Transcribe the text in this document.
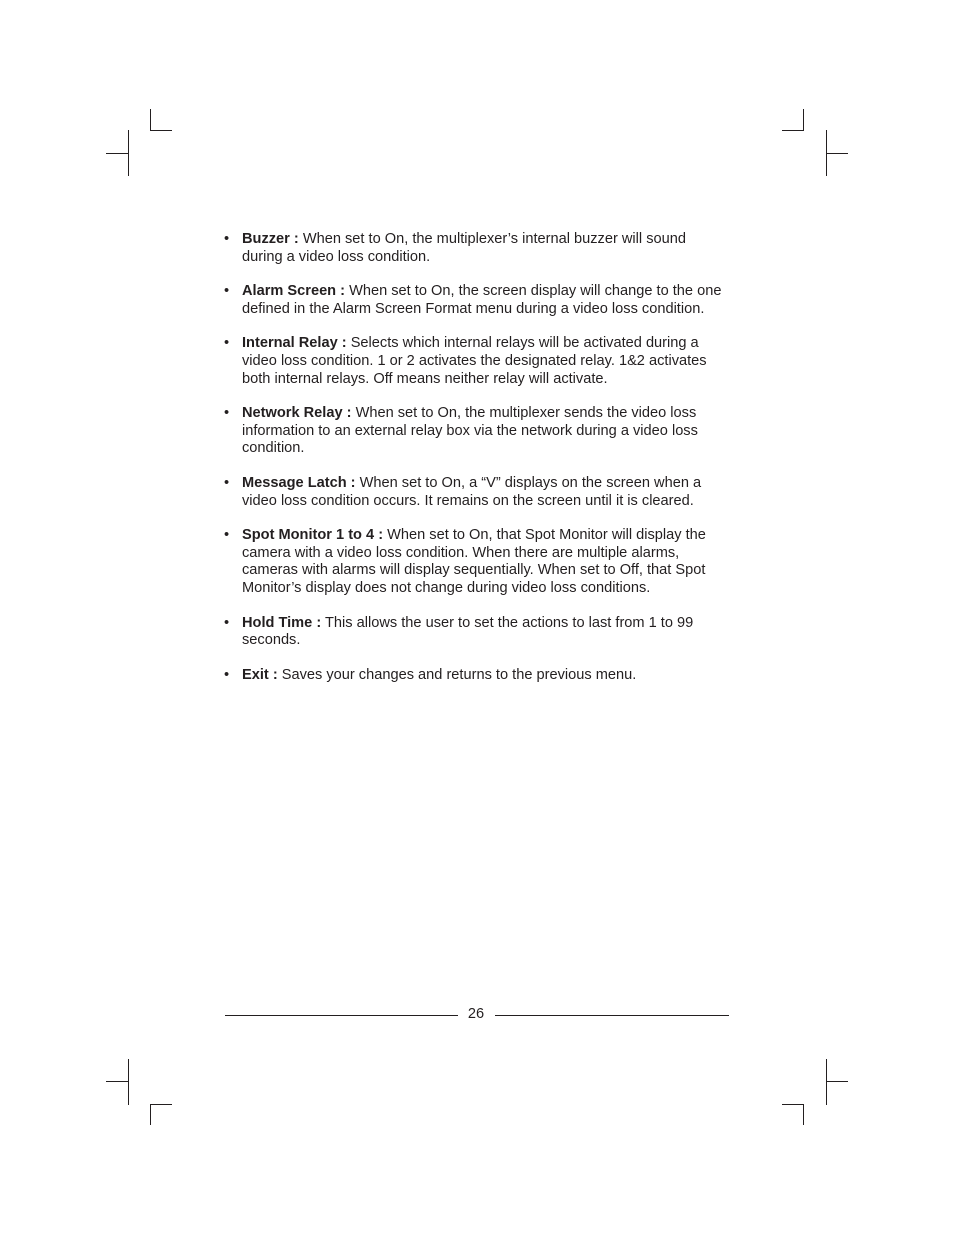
• Buzzer : When set to On, the multiplexer’s internal buzzer will sound during a video loss condition.
• Alarm Screen : When set to On, the screen display will change to the one defined in the Alarm Screen Format menu during a video loss condition.
• Internal Relay : Selects which internal relays will be activated during a video loss condition. 1 or 2 activates the designated relay. 1&2 activates both internal relays. Off means neither relay will activate.
• Network Relay : When set to On, the multiplexer sends the video loss information to an external relay box via the network during a video loss condition.
• Message Latch : When set to On, a “V” displays on the screen when a video loss condition occurs. It remains on the screen until it is cleared.
• Spot Monitor 1 to 4 : When set to On, that Spot Monitor will display the camera with a video loss condition. When there are multiple alarms, cameras with alarms will display sequentially. When set to Off, that Spot Monitor’s display does not change during video loss conditions.
• Hold Time : This allows the user to set the actions to last from 1 to 99 seconds.
• Exit : Saves your changes and returns to the previous menu.
26
